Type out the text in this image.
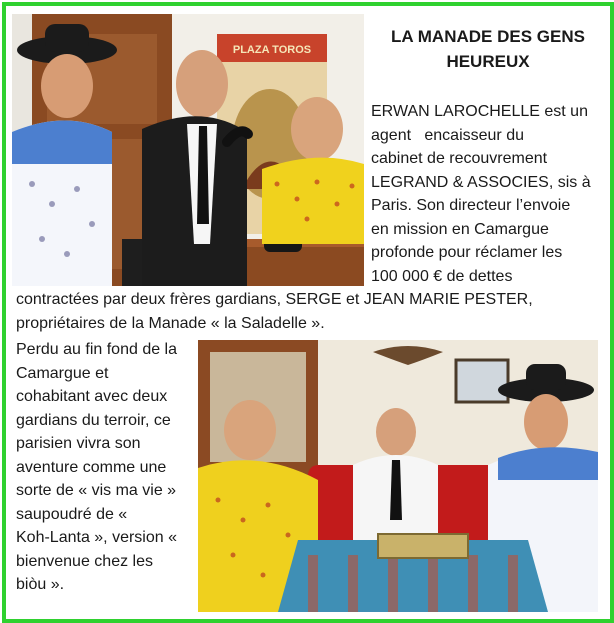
PLAZA TOROS
LA MANADE DES GENS
HEUREUX
ERWAN LAROCHELLE est un
agent   encaisseur du
cabinet de recouvrement
LEGRAND & ASSOCIES, sis à
Paris. Son directeur l’envoie
en mission en Camargue
profonde pour réclamer les
100 000 € de dettes
contractées par deux frères gardians, SERGE et JEAN MARIE PESTER,
propriétaires de la Manade « la Saladelle ».
Perdu au fin fond de la
Camargue et
cohabitant avec deux
gardians du terroir, ce
parisien vivra son
aventure comme une
sorte de « vis ma vie »
saupoudré de «
Koh-Lanta », version «
bienvenue chez les
biòu ».
